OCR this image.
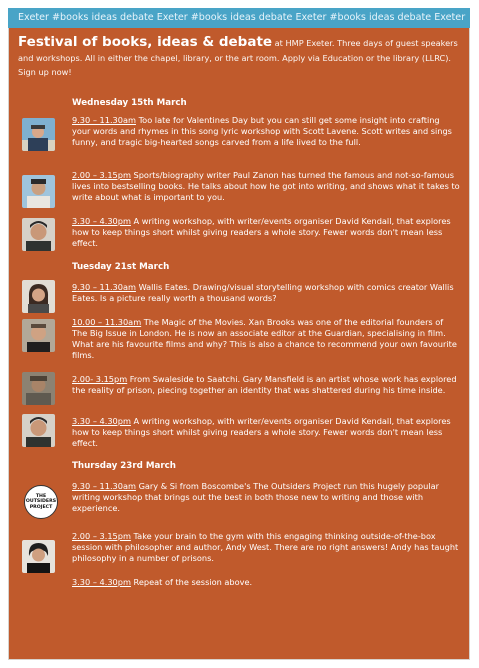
Exeter #books ideas debate Exeter #books ideas debate Exeter #books ideas debate Exeter
Festival of books, ideas & debate at HMP Exeter. Three days of guest speakers
and workshops. All in either the chapel, library, or the art room. Apply via Education or the library (LLRC).
Sign up now!
Wednesday 15th March
9.30 – 11.30am Too late for Valentines Day but you can still get some insight into crafting your words and rhymes in this song lyric workshop with Scott Lavene. Scott writes and sings funny, and tragic big-hearted songs carved from a life lived to the full.
2.00 – 3.15pm Sports/biography writer Paul Zanon has turned the famous and not-so-famous lives into bestselling books. He talks about how he got into writing, and shows what it takes to write about what is important to you.
3.30 – 4.30pm A writing workshop, with writer/events organiser David Kendall, that explores how to keep things short whilst giving readers a whole story. Fewer words don't mean less effect.
Tuesday 21st March
9.30 – 11.30am Wallis Eates. Drawing/visual storytelling workshop with comics creator Wallis Eates. Is a picture really worth a thousand words?
10.00 – 11.30am The Magic of the Movies. Xan Brooks was one of the editorial founders of The Big Issue in London. He is now an associate editor at the Guardian, specialising in film. What are his favourite films and why? This is also a chance to recommend your own favourite films.
2.00- 3.15pm From Swaleside to Saatchi. Gary Mansfield is an artist whose work has explored the reality of prison, piecing together an identity that was shattered during his time inside.
3.30 – 4.30pm A writing workshop, with writer/events organiser David Kendall, that explores how to keep things short whilst giving readers a whole story. Fewer words don't mean less effect.
Thursday 23rd March
THE
OUTSIDERS
PROJECT
9.30 – 11.30am Gary & Si from Boscombe's The Outsiders Project run this hugely popular writing workshop that brings out the best in both those new to writing and those with experience.
2.00 – 3.15pm Take your brain to the gym with this engaging thinking outside-of-the-box session with philosopher and author, Andy West. There are no right answers! Andy has taught philosophy in a number of prisons.
3.30 – 4.30pm Repeat of the session above.
